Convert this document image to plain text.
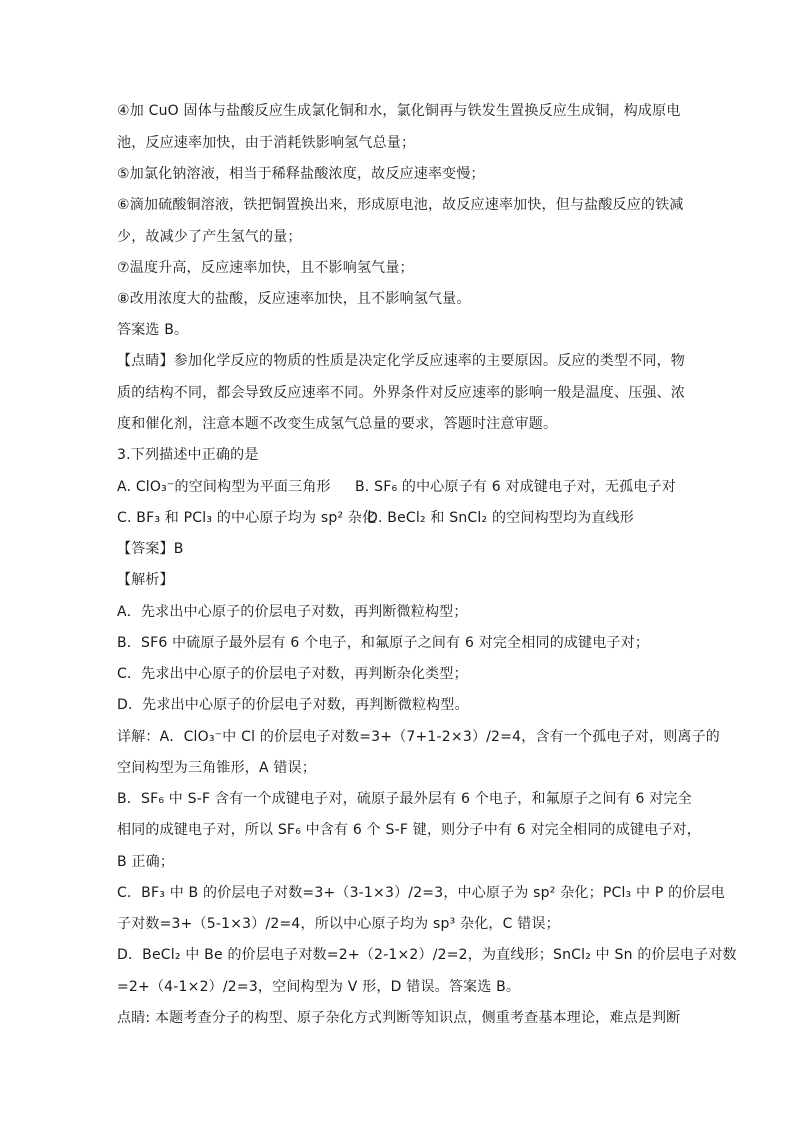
④加 CuO 固体与盐酸反应生成氯化铜和水，氯化铜再与铁发生置换反应生成铜，构成原电
池，反应速率加快，由于消耗铁影响氢气总量；
⑤加氯化钠溶液，相当于稀释盐酸浓度，故反应速率变慢；
⑥滴加硫酸铜溶液，铁把铜置换出来，形成原电池，故反应速率加快，但与盐酸反应的铁减
少，故减少了产生氢气的量；
⑦温度升高，反应速率加快，且不影响氢气量；
⑧改用浓度大的盐酸，反应速率加快，且不影响氢气量。
答案选 B。
【点睛】参加化学反应的物质的性质是决定化学反应速率的主要原因。反应的类型不同，物
质的结构不同，都会导致反应速率不同。外界条件对反应速率的影响一般是温度、压强、浓
度和催化剂，注意本题不改变生成氢气总量的要求，答题时注意审题。
3.下列描述中正确的是
A. ClO₃⁻的空间构型为平面三角形 B. SF₆ 的中心原子有 6 对成键电子对，无孤电子对
C. BF₃ 和 PCl₃ 的中心原子均为 sp² 杂化D. BeCl₂ 和 SnCl₂ 的空间构型均为直线形
【答案】B
【解析】
A．先求出中心原子的价层电子对数，再判断微粒构型；
B．SF6 中硫原子最外层有 6 个电子，和氟原子之间有 6 对完全相同的成键电子对；
C．先求出中心原子的价层电子对数，再判断杂化类型；
D．先求出中心原子的价层电子对数，再判断微粒构型。
详解：A．ClO₃⁻中 Cl 的价层电子对数=3+（7+1-2×3）/2=4，含有一个孤电子对，则离子的
空间构型为三角锥形，A 错误；
B．SF₆ 中 S-F 含有一个成键电子对，硫原子最外层有 6 个电子，和氟原子之间有 6 对完全
相同的成键电子对，所以 SF₆ 中含有 6 个 S-F 键，则分子中有 6 对完全相同的成键电子对，
B 正确；
C．BF₃ 中 B 的价层电子对数=3+（3-1×3）/2=3，中心原子为 sp² 杂化；PCl₃ 中 P 的价层电
子对数=3+（5-1×3）/2=4，所以中心原子均为 sp³ 杂化，C 错误；
D．BeCl₂ 中 Be 的价层电子对数=2+（2-1×2）/2=2，为直线形；SnCl₂ 中 Sn 的价层电子对数
=2+（4-1×2）/2=3，空间构型为 V 形，D 错误。答案选 B。
点睛: 本题考查分子的构型、原子杂化方式判断等知识点，侧重考查基本理论，难点是判断
